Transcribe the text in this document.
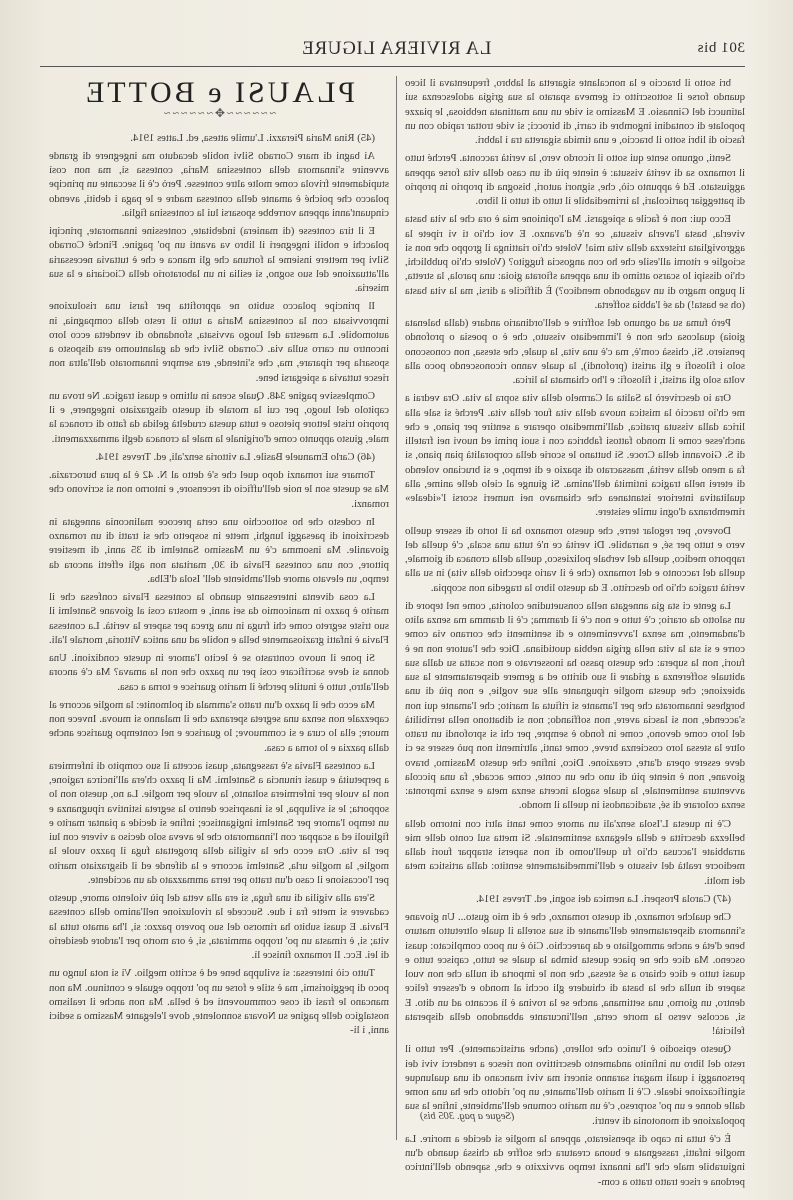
301 bis
LA RIVIERA LIGURE
PLAUSI e BOTTE
~~~~~~✥~~~~~~

(45) Rina Maria Pierazzi. L'umile attesa, ed. Lattes 1914.

Ai bagni di mare Corrado Silvi nobile decaduto ma ingegnere di grande avvenire s'innamora della contessina Maria, contessa sì, ma non così stupidamente frivola come molte altre contesse. Però c'è il seccante un principe polacco che poiché è amante della contessa madre e le paga i debiti, avendo cinquant'anni appena vorrebbe sposarsi lui la contessina figlia.

E il tira contesse (di maniera) indebitate, contessine innamorate, principi polacchi e nobili ingegneri il libro va avanti un po' pagine. Finché Corrado Silvi per mettere insieme la fortuna che gli manca e che è tuttavia necessaria all'attuazione del suo sogno, si esilia in un laboratorio della Ciociaria e la sua miseria.

Il principe polacco subito ne approfitta per farsi una risoluzione improvvisata con la contessina Maria a tutto il resto della compagnia, in automobile. La maestra del luogo avvisata, sfondando di vendetta ecco loro incontro un carro sulla via. Corrado Silvi che da galantuomo era disposto a sposarla per riparare, ma, che s'intende, era sempre innamorato dell'altra non riesce tuttavia a spiegarsi bene.

Complessive pagine 348. Quale scena in ultimo e quasi tragica. Ne trova un capitolo del luogo, per cui la morale di questo disgraziato ingegnere, e il proprio triste lettore pietoso e tutta questa crudeltà gelida da fatto di cronaca la male, giusto appunto come d'originale la male la cronaca degli ammazzamenti.

(46) Carlo Emanuele Basile. La vittoria senz'ali, ed. Treves 1914.

Tornare sui romanzi dopo quel che s'è detto al N. 42 è la pura burocrazia. Ma se queste son le noie dell'ufficio di recensore, e intorno non si scrivono che romanzi.

In codesto che ho sottocchio una certa precoce malinconia annegata in descrizioni di paesaggi lunghi, mette in sospetto che si tratti di un romanzo giovanile. Ma insomma c'è un Massimo Santelmi di 35 anni, di mestiere pittore, con una contessa Flavia di 30, maritata non agli effetti ancora da tempo, un elevato amore dell'ambiente dell' Isola d'Elba.

La cosa diventa interessante quando la contessa Flavia confessa che il marito è pazzo in manicomio da sei anni, e mostra così al giovane Santelmi il suo triste segreto come chi fruga in una greca per sapere la verità. La contessa Flavia è infatti graziosamente bella e nobile ad una antica Vittoria, mortale l'ali.

Si pone il nuovo contrasto se è lecito l'amore in queste condizioni. Una donna si deve sacrificare così per un pazzo che non la amava? Ma c'è ancora dell'altro, tutto è inutile perché il marito guarisce e torna a casa.

Ma ecco che il pazzo d'un tratto s'ammala di polmonite: la moglie accorre al capezzale non senza una segreta speranza che il malanno si muova. Invece non muore; ella lo cura e si commuove; lo guarisce e nel contempo guarisce anche dalla pazzia e lo torna a casa.

La contessa Flavia s'è rassegnata, quasi accetta il suo compito di infermiera a perpetuità e quasi rinuncia a Santelmi. Ma il pazzo ch'era all'incirca ragione, non la vuole per infermiera soltanto, la vuole per moglie. La no, questo non lo sopporta; le si sviluppa, le si inasprisce dentro la segreta istintiva ripugnanza e un tempo l'amore per Santelmi ingigantisce; infine si decide a piantar marito e figliuoli ed a scappar con l'innamorato che le aveva solo deciso a vivere con lui per la vita. Ora ecco che la vigilia della progettata fuga il pazzo vuole la moglie, la moglie urla, Santelmi accorre e la difende ed il disgraziato marito per l'occasione il caso d'un tratto per terra ammazzato da un accidente.

S'era alla vigilia di una fuga, si era alla vetta del più violento amore, questo cadavere si mette fra i due. Succede la rivoluzione nell'animo della contessa Flavia. E quasi subito ha rimorso del suo povero pazzo: si, l'ha amato tutta la vita; si, è rimasta un po' troppo ammirata, si, è ora morto per l'ardore desiderio di lei. Ecc. Il romanzo finisce lì.

Tutto ciò interessa: si sviluppa bene ed è scritto meglio. Vi si nota lungo un poco di peggiorismi, ma è stile e forse un po' troppo eguale e continuo. Ma non mancano le frasi di cose commuoventi ed è bella. Ma non anche il realismo nostalgico delle pagine su Novara sonnolente, dove l'elegante Massimo a sedici anni, i li-

bri sotto il braccio e la noncalante sigaretta al labbro, frequentava il liceo quando forse il sottoscritto ci gemeva sparato la sua grigia adolescenza sui latinucci del Ginnasio. E Massimo si vide un una mattinata nebbiosa, le piazze popolate di contadini ingombre di carri, di birocci; si vide trottar rapido con un fascio di libri sotto il braccio, e una timida sigaretta tra i labbri.

Senti, ognuno sente qui sotto il ricordo vero, la verità racconta. Perché tutto il romanzo sa di verità vissuta: è niente più di un caso della vita forse appena aggiustato. Ed è appunto ciò, che, signori autori, bisogna di proprio in proprio di patteggiar particolari, la irrimediabile il tutto di tutto il libro.

Ecco qui: non è facile a spiegarsi. Ma l'opinione mia è ora che la vita basta viverla, basta l'averla vissuta, ce n'è d'avanzo. E voi ch'io ti vi ripete la aggrovigliata tristezza della vita mia! Volete ch'io riattinga il groppo che non si scioglie e ritorni all'esile che ho con angoscia fuggito? (Volete ch'io pubblichi, ch'io dissipi lo scarso attimo di una appena sfiorata gioia: una parola, la stretta, il pugno magro di un vagabondo mendico?) È difficile a dirsi, ma la vita basta (oh se basta!) da sé l'abbia sofferta.

Però fuma su ad ognuno del soffrire e dell'ordinario andare (dalla balenata gioia) qualcosa che non è l'immediato vissuto, che è o poesia o profondo pensiero. Si, chissà com'è, ma c'è una vita, la quale, che stessa, non conoscono solo i filosofi e gli artisti (profondi), la quale vanno riconoscendo poco alla volta solo gli artisti, i filosofi: e l'ho chiamata la lirica.

Ora io descriverò la Salita al Carmelo della vita sopra la vita. Ora vedrai a me ch'io tracciò la mistica nuova della vita fuor della vita. Perché si sale alla lirica dalla vissuta pratica, dall'immediato operare a sentire per piano, e che anch'esse come il mondo fattosi fabbrica con i suoi primi ed nuovi nei fratelli di S. Giovanni della Croce. Si buttano le scorie della corporalità pian piano, si fa a meno della verità, massacrato di spazio e di tempo, e si bruciano volendo di eterei nella tragica intimità dell'anima. Si giunge al cielo delle anime, alla qualitativa interiore istantanea che chiamavo nei numeri scorsi l'«ideale» rimembranza d'ogni umile esistere.

Dovevo, per regolar terre, che questo romanzo ha il torto di essere quello vero e tutto per sé, e narrabile. Di verità ce n'è tutta una scala, c'è quella del rapporto medico, quella del verbale poliziesco, quella della cronaca di giornale, quella del racconto e del romanzo (che è il vario specchio della vita) in su alla verità tragica ch'io ho descritto. E da questo libro la tragedia non scoppia.

La gente ci sta gia annegata nella consuetudine colorita, come nel tepore di un salotto da orario; c'è tutto e non c'è il dramma; c'è il dramma ma senza alito d'andamento, ma senza l'avvenimento e di sentimenti che corrano via come corre e si sta la vita nella grigia nebbia quotidiana. Dice che l'autore non ne è fuori, non la supera: che questo passo ha inosservato e non scatta su dalla sua abituale sofferenza a gridare il suo diritto ed a gemere disperatamente la sua abiezione; che questa moglie ripugnante alle sue voglie, e non più di una borghese innamorata che per l'amante si rifiuta al marito; che l'amante qui non s'accende, non si lascia avere, non soffiando; non si dibattono nella terribilità del loro come devono, come in fondo è sempre, per chi si sprofondi un tratto oltre la stessa loro coscienza breve, come tanti, altrimenti non può essere se ci deve essere opera d'arte, creazione. Dico, infine che questo Massimo, bravo giovane, non è niente più di uno che un conte, come accade, fa una piccola avventura sentimentale, la quale sagola incerta senza meta e senza impronta: senza colorare di sé, sradicandosi in quella il mondo.

C'è in questa L'Isola senz'ali un amore come tanti altri con intorno della bellezza descritta e della eleganza sentimentale. Si metta sul conto delle mie arrabbiate l'accusa ch'io fu quell'uomo di non sapersi strappar fuori dalla mediocre realtà del vissuto e dell'immediatamente sentito: dalla artistica meta dei molti.

(47) Carola Prosperi. La nemica dei sogni, ed. Treves 1914.

Che qualche romanzo, di questo romanzo, che è di mio gusto... Un giovane s'innamora disperatamente dell'amante di sua sorella il quale oltretutto maturo bene d'età e anche ammogliato e da parecchio. Ciò è un poco complicato: quasi osceno. Ma dice che ne piace questa bimba la quale se tutto, capisce tutto e quasi tutto e dice chiaro a sé stessa, che non le importa di nulla che non vuol sapere di nulla che la basta di chiudere gli occhi al mondo e d'essere felice dentro, un giorno, una settimana, anche se la rovina è lì accanto ad un dito. E si, accolse verso la morte certa, nell'incurante abbandono della disperata felicità!

Questo episodio è l'unico che tollero, (anche artisticamente). Per tutto il resto del libro un infinito andamento descrittivo non riesce a renderci vivi dei personaggi i quali magari saranno sinceri ma vivi mancano di una qualunque significazione ideale. C'è il marito dell'amante, un po' ridotto che ha una nome dalle donne e un po' sorpreso, c'è un marito comune dell'ambiente, infine la sua popolazione di monotonia di ventri.

È c'è tutta in capo di spensierato, appena la moglie si decide a morire. La moglie infatti, rassegnata e buona creatura che soffre da chissà quando d'un ingiurabile male che l'ha innanzi tempo avvizzito e che, sapendo dell'intrico perdona e risce tratto tratto a com-

(Segue a pag. 305 bis)
